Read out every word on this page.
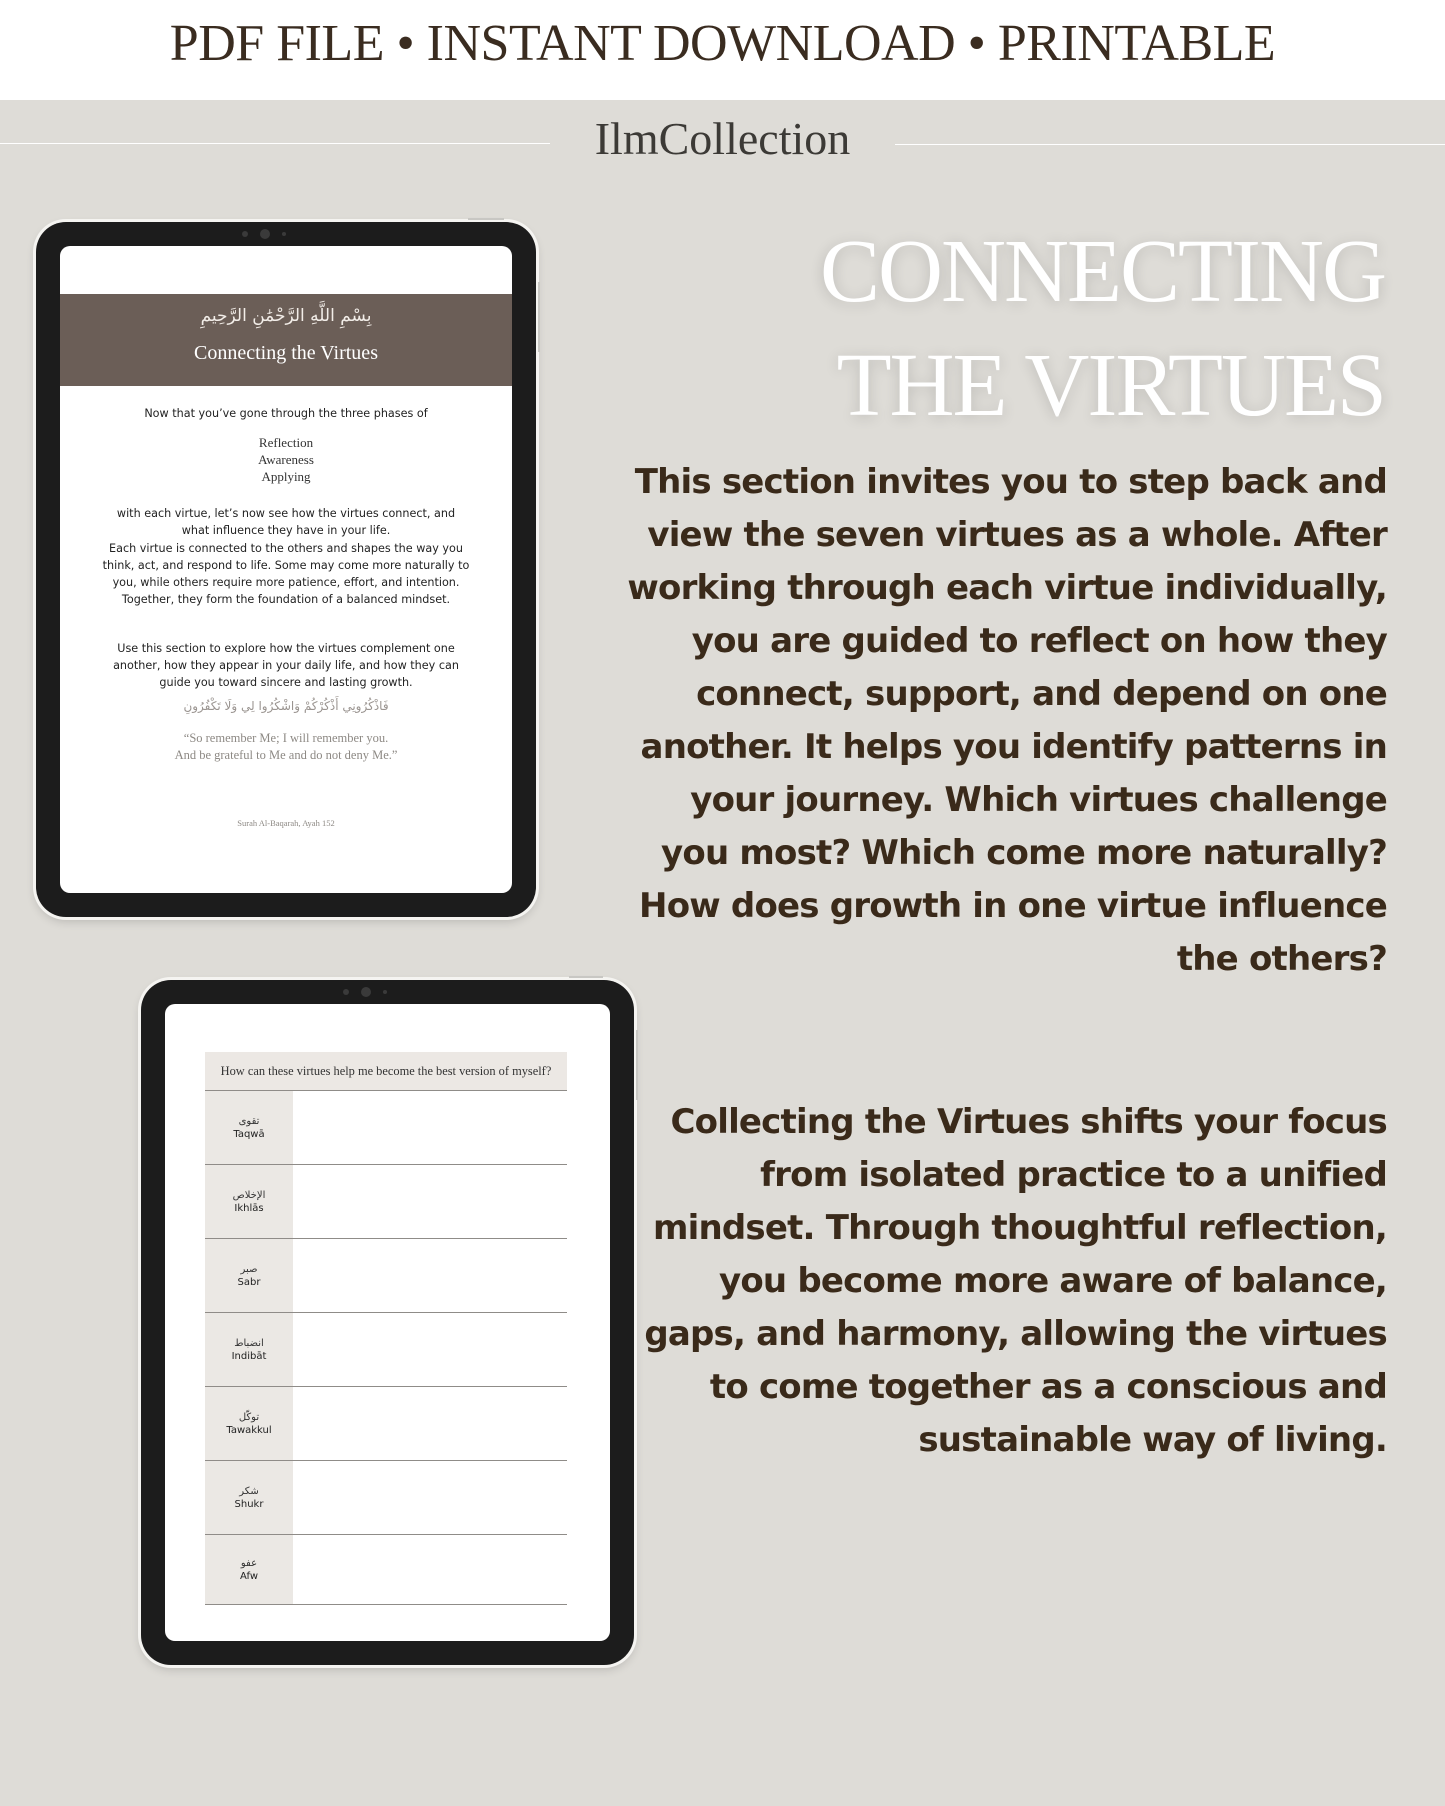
PDF FILE • INSTANT DOWNLOAD • PRINTABLE
IlmCollection
CONNECTING
THE VIRTUES
This section invites you to step back and view the seven virtues as a whole. After working through each virtue individually, you are guided to reflect on how they connect, support, and depend on one another. It helps you identify patterns in your journey. Which virtues challenge you most? Which come more naturally? How does growth in one virtue influence the others?
Collecting the Virtues shifts your focus from isolated practice to a unified mindset. Through thoughtful reflection, you become more aware of balance, gaps, and harmony, allowing the virtues to come together as a conscious and sustainable way of living.
بِسْمِ اللَّهِ الرَّحْمَٰنِ الرَّحِيمِ
Connecting the Virtues
Now that you’ve gone through the three phases of
Reflection
Awareness
Applying
with each virtue, let’s now see how the virtues connect, and what influence they have in your life.
Each virtue is connected to the others and shapes the way you think, act, and respond to life. Some may come more naturally to you, while others require more patience, effort, and intention. Together, they form the foundation of a balanced mindset.
Use this section to explore how the virtues complement one another, how they appear in your daily life, and how they can guide you toward sincere and lasting growth.
فَاذْكُرُونِي أَذْكُرْكُمْ وَاشْكُرُوا لِي وَلَا تَكْفُرُونِ
“So remember Me; I will remember you.
And be grateful to Me and do not deny Me.”
Surah Al-Baqarah, Ayah 152
How can these virtues help me become the best version of myself?
تقوى
Taqwā
الإخلاص
Ikhlās
صبر
Sabr
انضباط
Indibāt
توكّل
Tawakkul
شكر
Shukr
عفو
Afw
